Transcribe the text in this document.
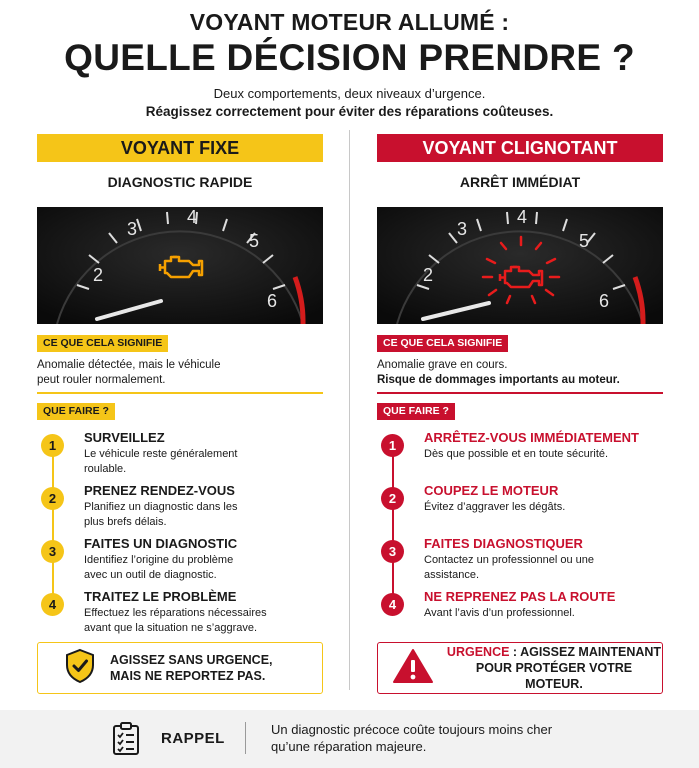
VOYANT MOTEUR ALLUMÉ :
QUELLE DÉCISION PRENDRE ?
Deux comportements, deux niveaux d’urgence.
Réagissez correctement pour éviter des réparations coûteuses.
VOYANT FIXE
DIAGNOSTIC RAPIDE
2
3
4
5
6
CE QUE CELA SIGNIFIE
Anomalie détectée, mais le véhicule
peut rouler normalement.
QUE FAIRE ?
1
SURVEILLEZ
Le véhicule reste généralement
roulable.
2
PRENEZ RENDEZ-VOUS
Planifiez un diagnostic dans les
plus brefs délais.
3
FAITES UN DIAGNOSTIC
Identifiez l’origine du problème
avec un outil de diagnostic.
4
TRAITEZ LE PROBLÈME
Effectuez les réparations nécessaires
avant que la situation ne s’aggrave.
AGISSEZ SANS URGENCE,
MAIS NE REPORTEZ PAS.
VOYANT CLIGNOTANT
ARRÊT IMMÉDIAT
2
3
4
5
6
CE QUE CELA SIGNIFIE
Anomalie grave en cours.
Risque de dommages importants au moteur.
QUE FAIRE ?
1
ARRÊTEZ-VOUS IMMÉDIATEMENT
Dès que possible et en toute sécurité.
2
COUPEZ LE MOTEUR
Évitez d’aggraver les dégâts.
3
FAITES DIAGNOSTIQUER
Contactez un professionnel ou une
assistance.
4
NE REPRENEZ PAS LA ROUTE
Avant l’avis d’un professionnel.
URGENCE : AGISSEZ MAINTENANT
POUR PROTÉGER VOTRE MOTEUR.
RAPPEL
Un diagnostic précoce coûte toujours moins cher
qu’une réparation majeure.
